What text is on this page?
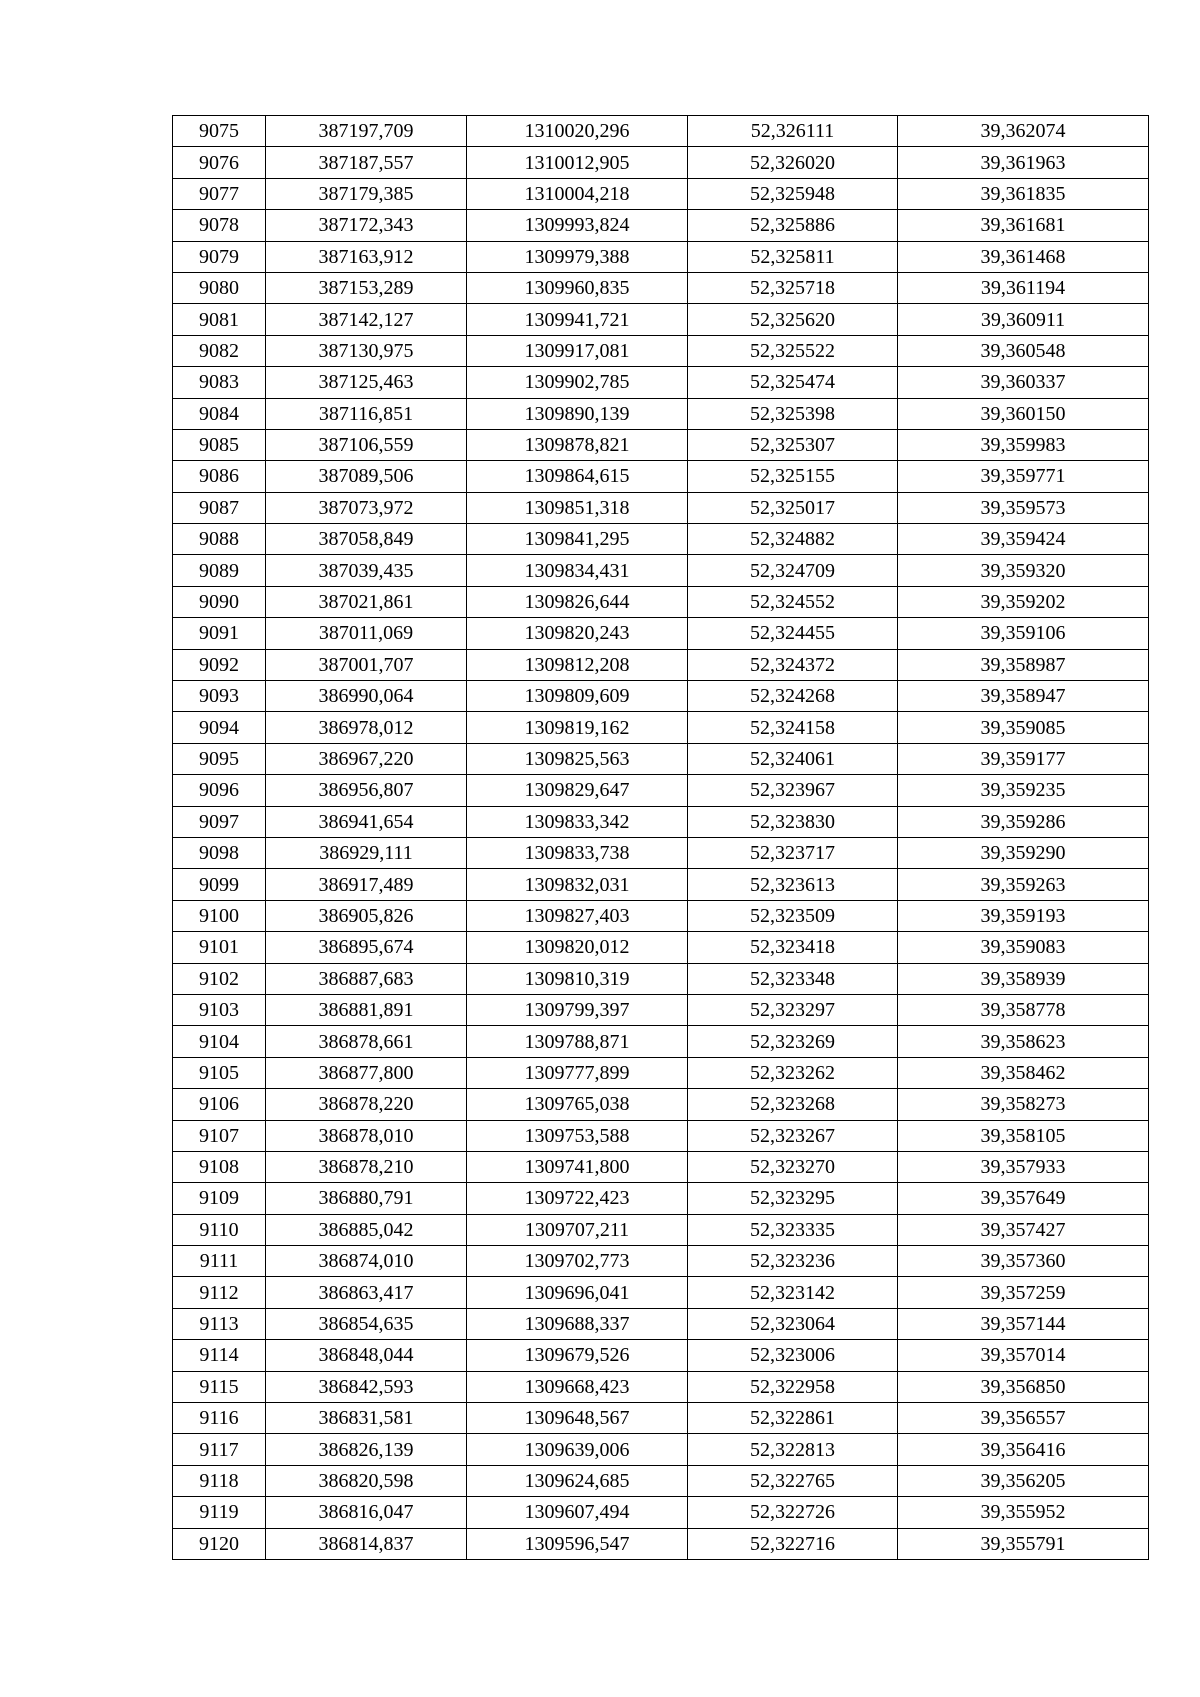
9075	387197,709	1310020,296	52,326111	39,362074
9076	387187,557	1310012,905	52,326020	39,361963
9077	387179,385	1310004,218	52,325948	39,361835
9078	387172,343	1309993,824	52,325886	39,361681
9079	387163,912	1309979,388	52,325811	39,361468
9080	387153,289	1309960,835	52,325718	39,361194
9081	387142,127	1309941,721	52,325620	39,360911
9082	387130,975	1309917,081	52,325522	39,360548
9083	387125,463	1309902,785	52,325474	39,360337
9084	387116,851	1309890,139	52,325398	39,360150
9085	387106,559	1309878,821	52,325307	39,359983
9086	387089,506	1309864,615	52,325155	39,359771
9087	387073,972	1309851,318	52,325017	39,359573
9088	387058,849	1309841,295	52,324882	39,359424
9089	387039,435	1309834,431	52,324709	39,359320
9090	387021,861	1309826,644	52,324552	39,359202
9091	387011,069	1309820,243	52,324455	39,359106
9092	387001,707	1309812,208	52,324372	39,358987
9093	386990,064	1309809,609	52,324268	39,358947
9094	386978,012	1309819,162	52,324158	39,359085
9095	386967,220	1309825,563	52,324061	39,359177
9096	386956,807	1309829,647	52,323967	39,359235
9097	386941,654	1309833,342	52,323830	39,359286
9098	386929,111	1309833,738	52,323717	39,359290
9099	386917,489	1309832,031	52,323613	39,359263
9100	386905,826	1309827,403	52,323509	39,359193
9101	386895,674	1309820,012	52,323418	39,359083
9102	386887,683	1309810,319	52,323348	39,358939
9103	386881,891	1309799,397	52,323297	39,358778
9104	386878,661	1309788,871	52,323269	39,358623
9105	386877,800	1309777,899	52,323262	39,358462
9106	386878,220	1309765,038	52,323268	39,358273
9107	386878,010	1309753,588	52,323267	39,358105
9108	386878,210	1309741,800	52,323270	39,357933
9109	386880,791	1309722,423	52,323295	39,357649
9110	386885,042	1309707,211	52,323335	39,357427
9111	386874,010	1309702,773	52,323236	39,357360
9112	386863,417	1309696,041	52,323142	39,357259
9113	386854,635	1309688,337	52,323064	39,357144
9114	386848,044	1309679,526	52,323006	39,357014
9115	386842,593	1309668,423	52,322958	39,356850
9116	386831,581	1309648,567	52,322861	39,356557
9117	386826,139	1309639,006	52,322813	39,356416
9118	386820,598	1309624,685	52,322765	39,356205
9119	386816,047	1309607,494	52,322726	39,355952
9120	386814,837	1309596,547	52,322716	39,355791
